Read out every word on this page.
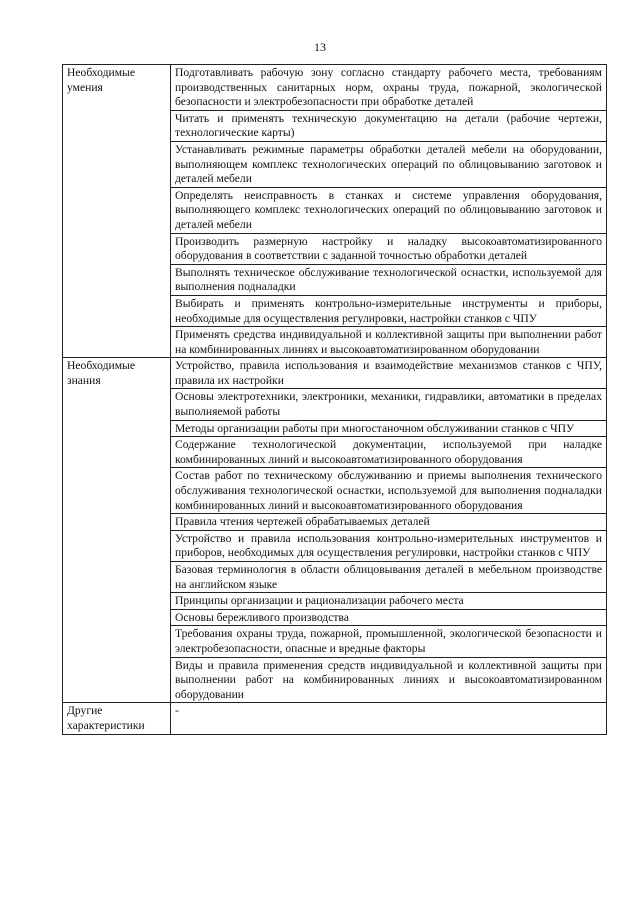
13
Необходимые умения	Подготавливать рабочую зону согласно стандарту рабочего места, требованиям производственных санитарных норм, охраны труда, пожарной, экологической безопасности и электробезопасности при обработке деталей
	Читать и применять техническую документацию на детали (рабочие чертежи, технологические карты)
	Устанавливать режимные параметры обработки деталей мебели на оборудовании, выполняющем комплекс технологических операций по облицовыванию заготовок и деталей мебели
	Определять неисправность в станках и системе управления оборудования, выполняющего комплекс технологических операций по облицовыванию заготовок и деталей мебели
	Производить размерную настройку и наладку высокоавтоматизированного оборудования в соответствии с заданной точностью обработки деталей
	Выполнять техническое обслуживание технологической оснастки, используемой для выполнения подналадки
	Выбирать и применять контрольно-измерительные инструменты и приборы, необходимые для осуществления регулировки, настройки станков с ЧПУ
	Применять средства индивидуальной и коллективной защиты при выполнении работ на комбинированных линиях и высокоавтоматизированном оборудовании
Необходимые знания	Устройство, правила использования и взаимодействие механизмов станков с ЧПУ, правила их настройки
	Основы электротехники, электроники, механики, гидравлики, автоматики в пределах выполняемой работы
	Методы организации работы при многостаночном обслуживании станков с ЧПУ
	Содержание технологической документации, используемой при наладке комбинированных линий и высокоавтоматизированного оборудования
	Состав работ по техническому обслуживанию и приемы выполнения технического обслуживания технологической оснастки, используемой для выполнения подналадки комбинированных линий и высокоавтоматизированного оборудования
	Правила чтения чертежей обрабатываемых деталей
	Устройство и правила использования контрольно-измерительных инструментов и приборов, необходимых для осуществления регулировки, настройки станков с ЧПУ
	Базовая терминология в области облицовывания деталей в мебельном производстве на английском языке
	Принципы организации и рационализации рабочего места
	Основы бережливого производства
	Требования охраны труда, пожарной, промышленной, экологической безопасности и электробезопасности, опасные и вредные факторы
	Виды и правила применения средств индивидуальной и коллективной защиты при выполнении работ на комбинированных линиях и высокоавтоматизированном оборудовании
Другие характеристики	-
